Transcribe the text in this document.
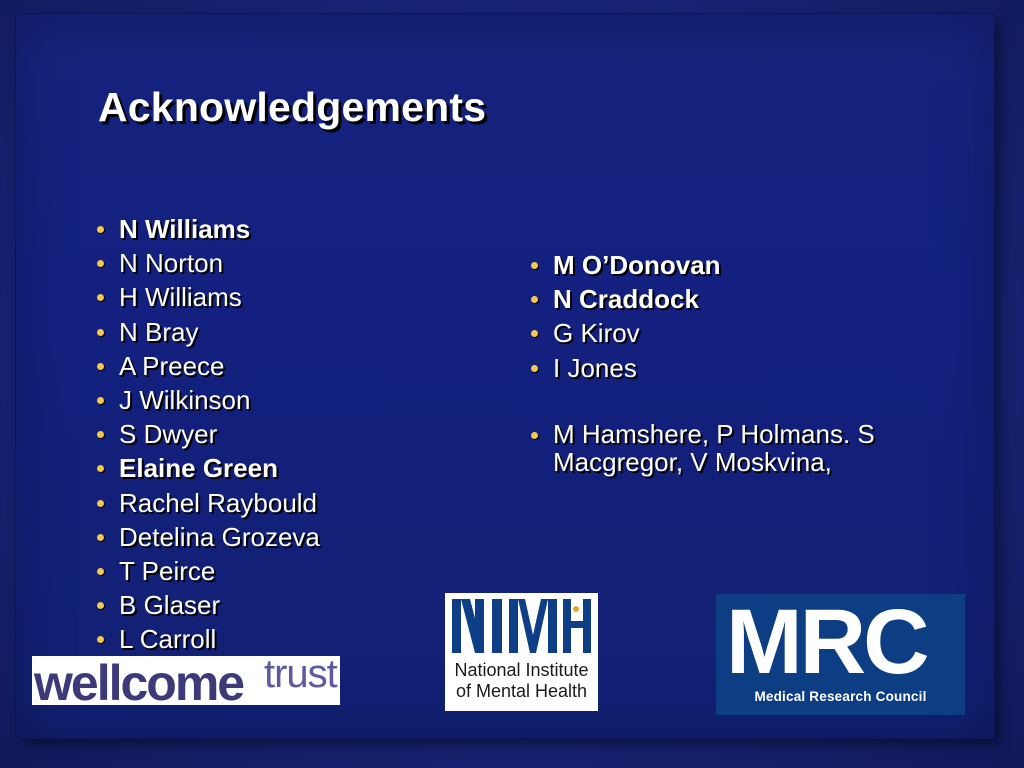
Acknowledgements
N Williams
N Norton
H Williams
N Bray
A Preece
J Wilkinson
S Dwyer
Elaine Green
Rachel Raybould
Detelina Grozeva
T Peirce
B Glaser
L Carroll
M O’Donovan
N Craddock
G Kirov
I Jones
M Hamshere, P Holmans. S Macgregor, V Moskvina,
wellcome trust	National Institute
of Mental Health MRC
Medical Research Council
